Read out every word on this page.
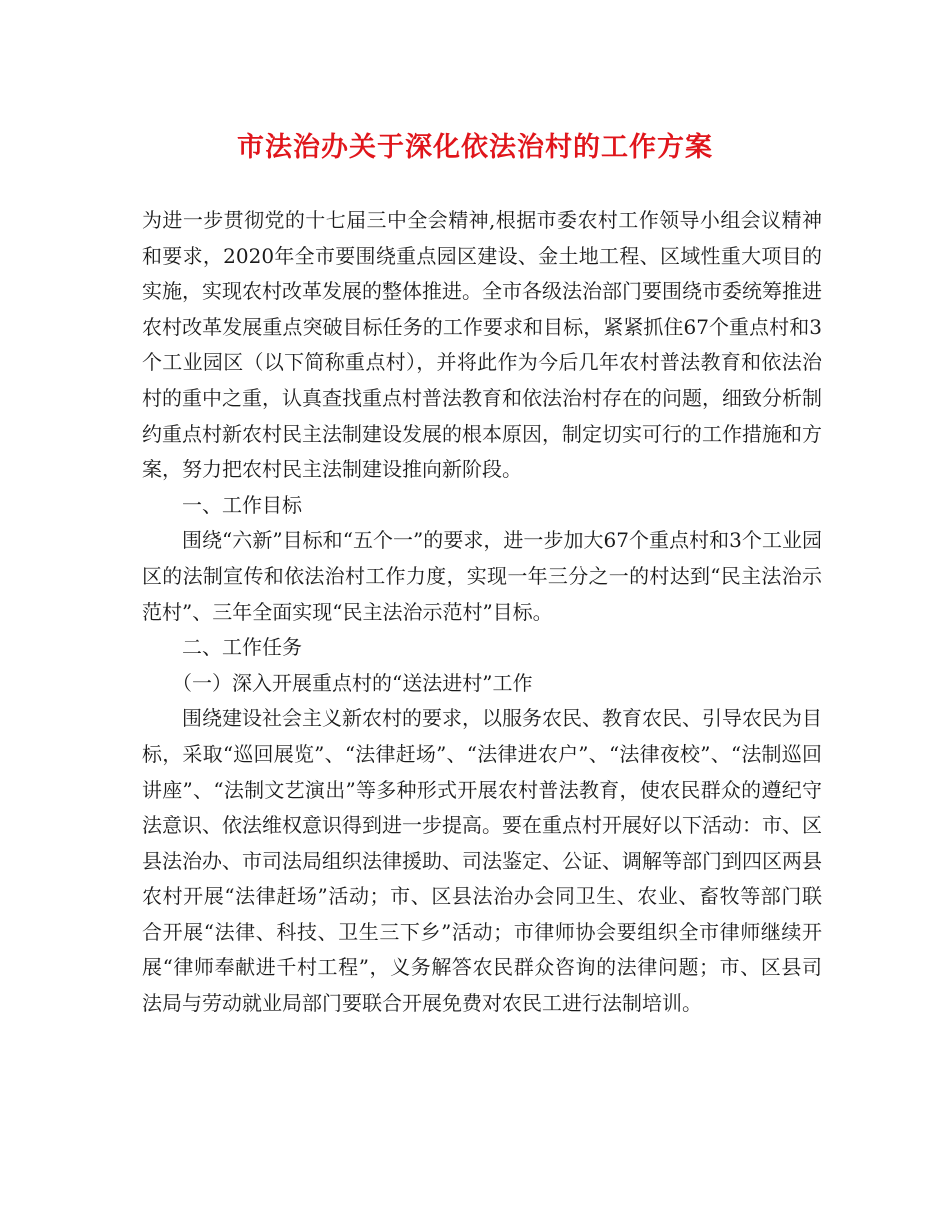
市法治办关于深化依法治村的工作方案

为进一步贯彻党的十七届三中全会精神,根据市委农村工作领导小组会议精神和要求，2020年全市要围绕重点园区建设、金土地工程、区域性重大项目的实施，实现农村改革发展的整体推进。全市各级法治部门要围绕市委统筹推进农村改革发展重点突破目标任务的工作要求和目标，紧紧抓住67个重点村和3个工业园区（以下简称重点村），并将此作为今后几年农村普法教育和依法治村的重中之重，认真查找重点村普法教育和依法治村存在的问题，细致分析制约重点村新农村民主法制建设发展的根本原因，制定切实可行的工作措施和方案，努力把农村民主法制建设推向新阶段。

一、工作目标

围绕“六新”目标和“五个一”的要求，进一步加大67个重点村和3个工业园区的法制宣传和依法治村工作力度，实现一年三分之一的村达到“民主法治示范村”、三年全面实现“民主法治示范村”目标。

二、工作任务

（一）深入开展重点村的“送法进村”工作

围绕建设社会主义新农村的要求，以服务农民、教育农民、引导农民为目标，采取“巡回展览”、“法律赶场”、“法律进农户”、“法律夜校”、“法制巡回讲座”、“法制文艺演出”等多种形式开展农村普法教育，使农民群众的遵纪守法意识、依法维权意识得到进一步提高。要在重点村开展好以下活动：市、区县法治办、市司法局组织法律援助、司法鉴定、公证、调解等部门到四区两县农村开展“法律赶场”活动；市、区县法治办会同卫生、农业、畜牧等部门联合开展“法律、科技、卫生三下乡”活动；市律师协会要组织全市律师继续开展“律师奉献进千村工程”，义务解答农民群众咨询的法律问题；市、区县司法局与劳动就业局部门要联合开展免费对农民工进行法制培训。
